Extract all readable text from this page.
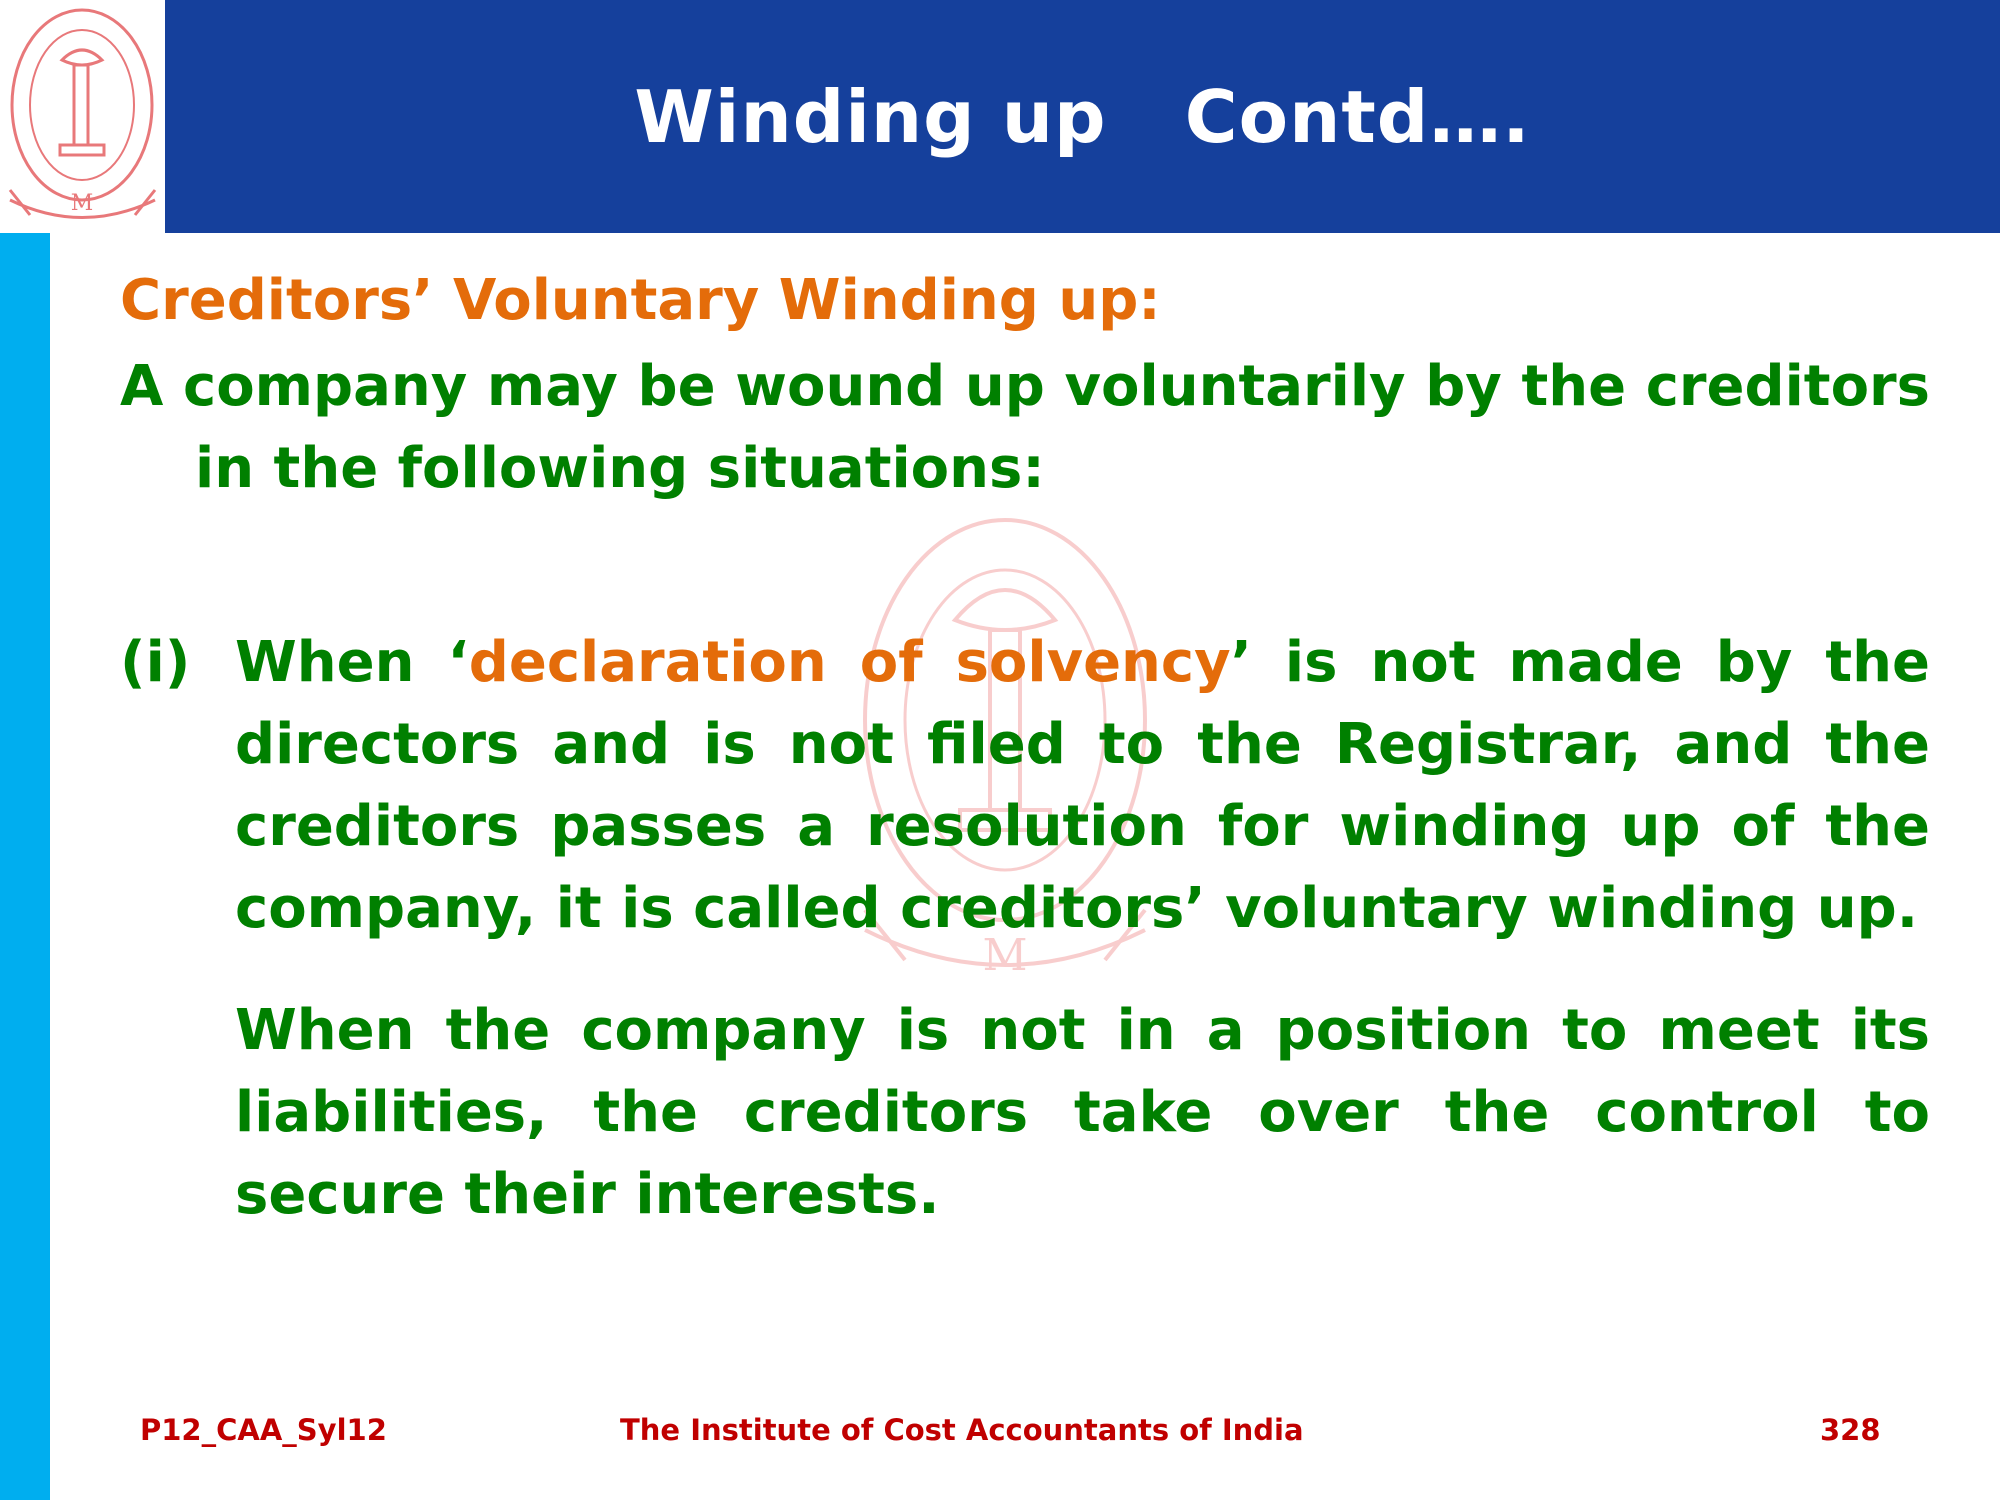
Winding up   Contd….
M
M

Creditors’ Voluntary Winding up:

A company may be wound up voluntarily by the creditors in the following situations:

(i) When ‘declaration of solvency’ is not made by the directors and is not filed to the Registrar, and the creditors passes a resolution for winding up of the company, it is called creditors’ voluntary winding up.

When the company is not in a position to meet its liabilities, the creditors take over the control to secure their interests.

P12_CAA_Syl12	The Institute of Cost Accountants of India	328
